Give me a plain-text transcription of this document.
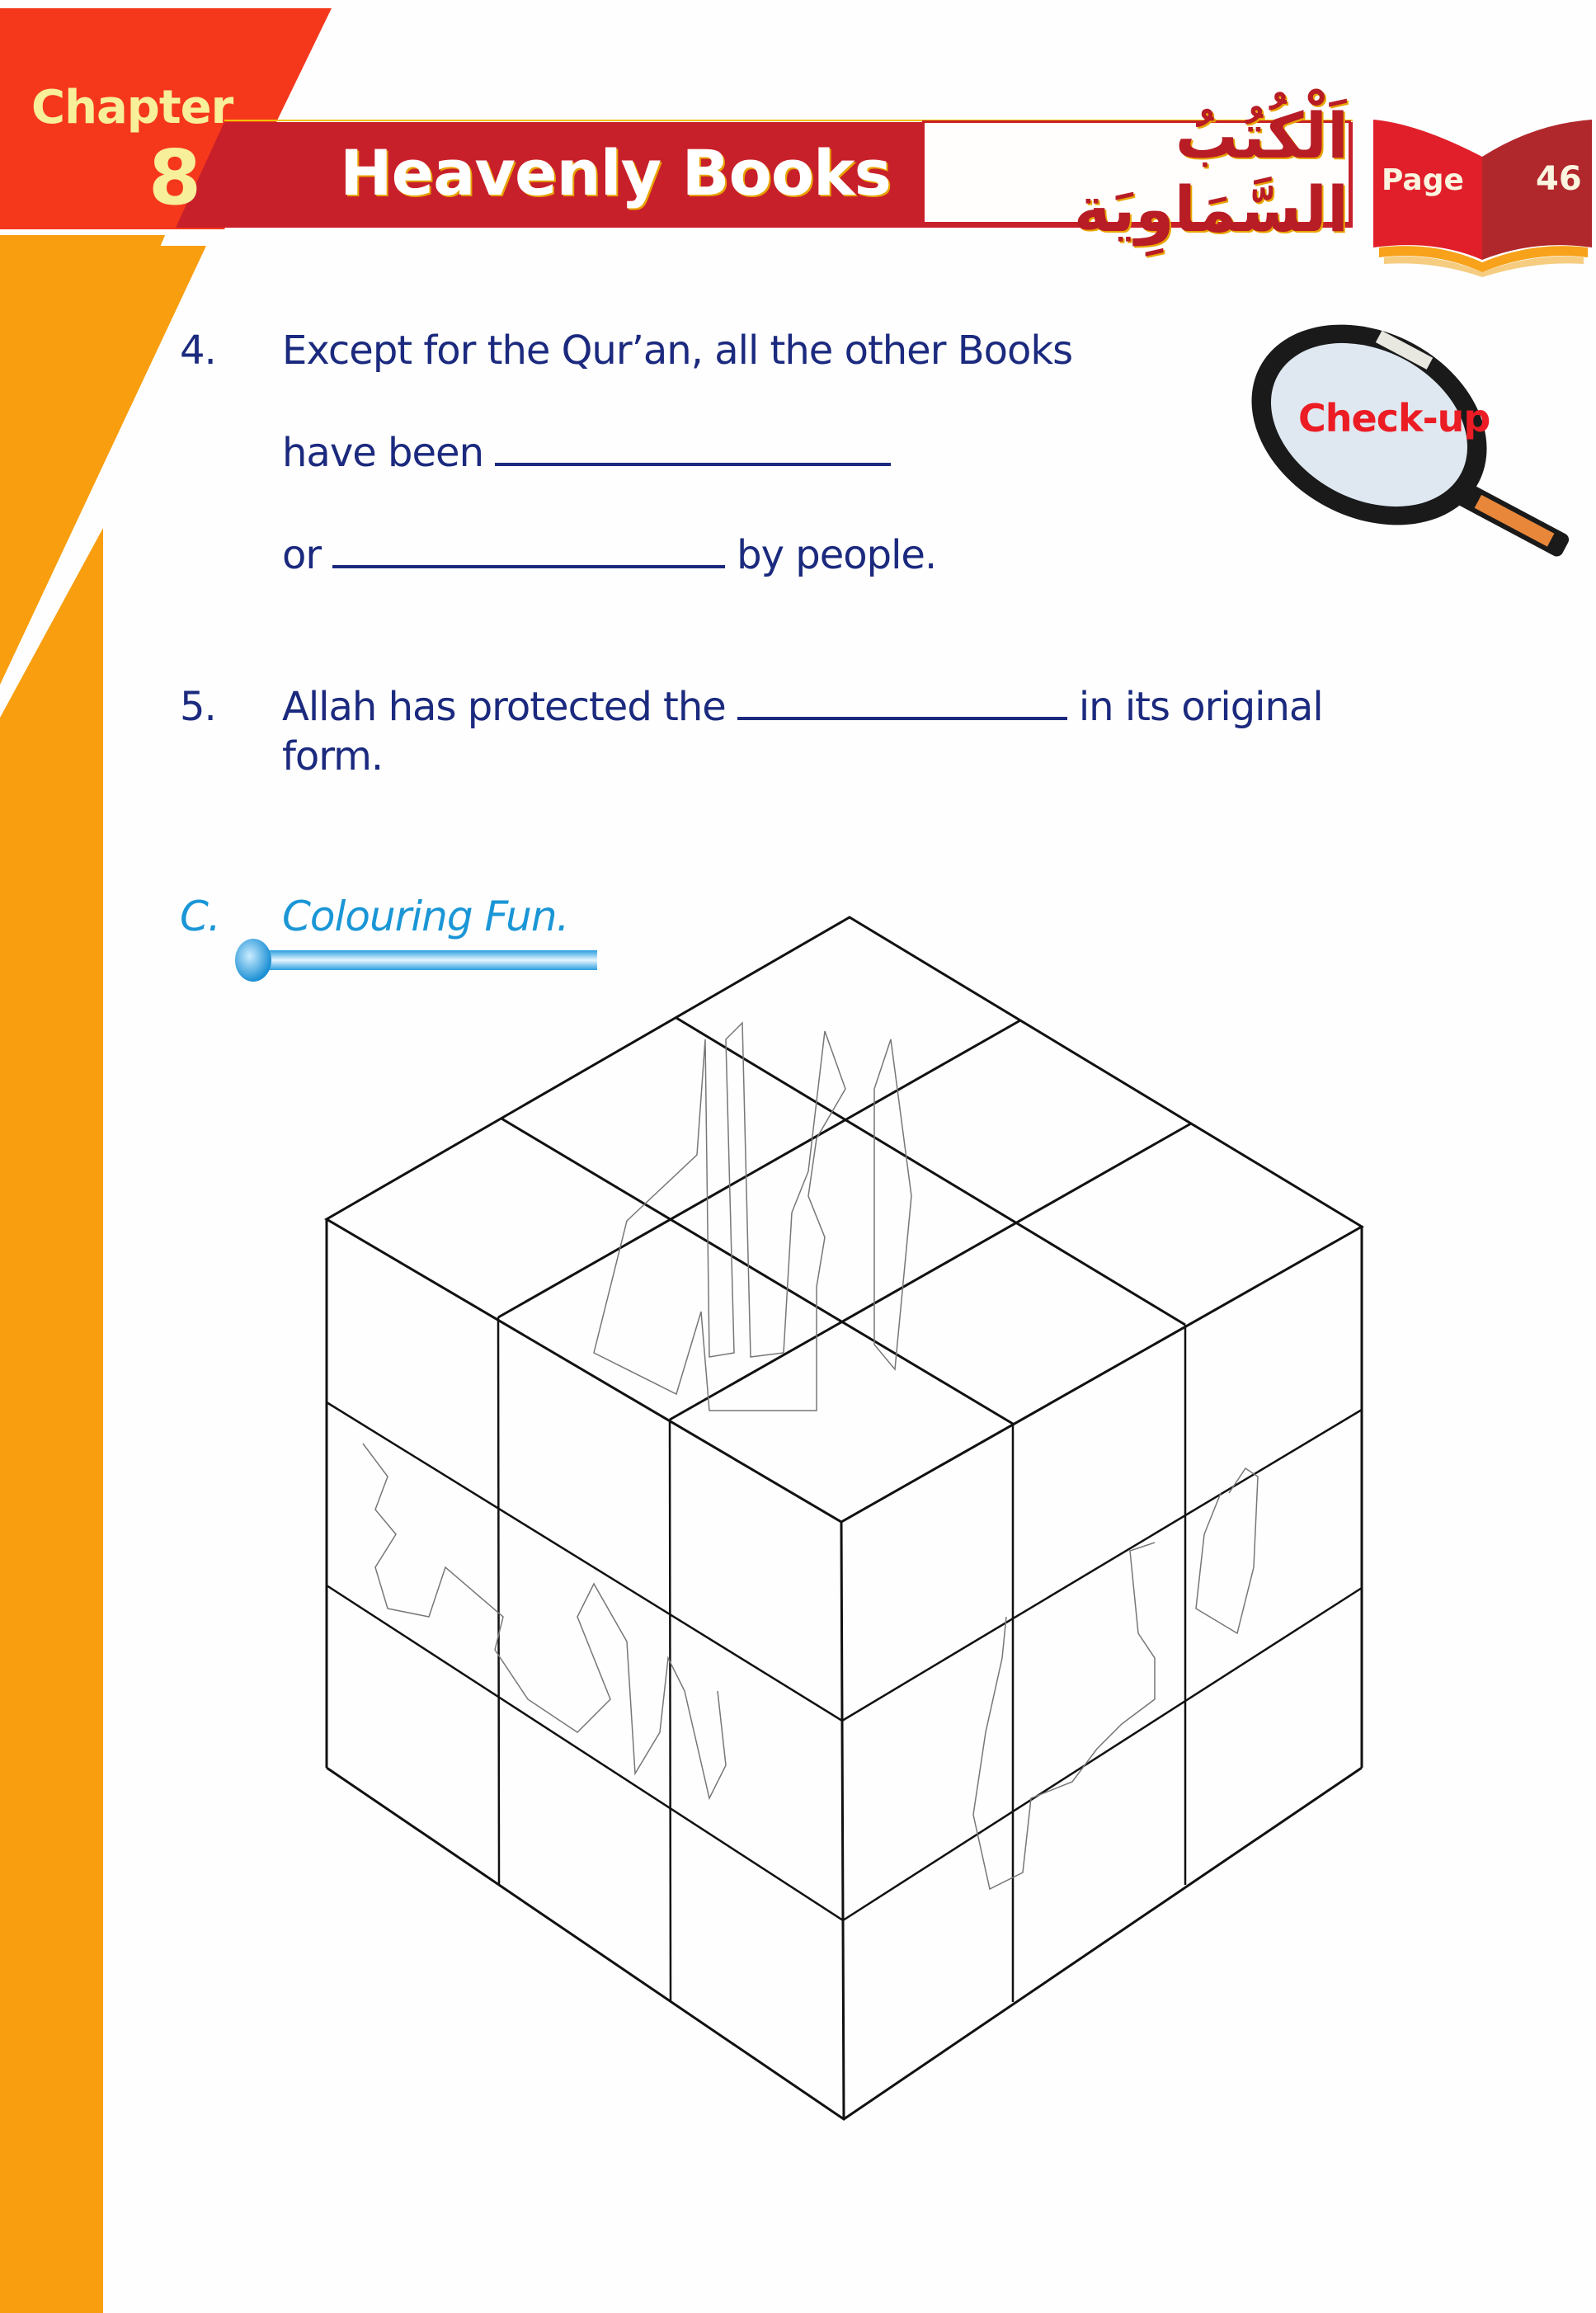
Chapter
8 Heavenly Books
اَلْكُتُبُ السَّمَاوِيَة Page 46
Check-up
4. Except for the Qur’an, all the other Books
have been
or	by people.
5. Allah has protected the	in its original
form.
C. Colouring Fun.
